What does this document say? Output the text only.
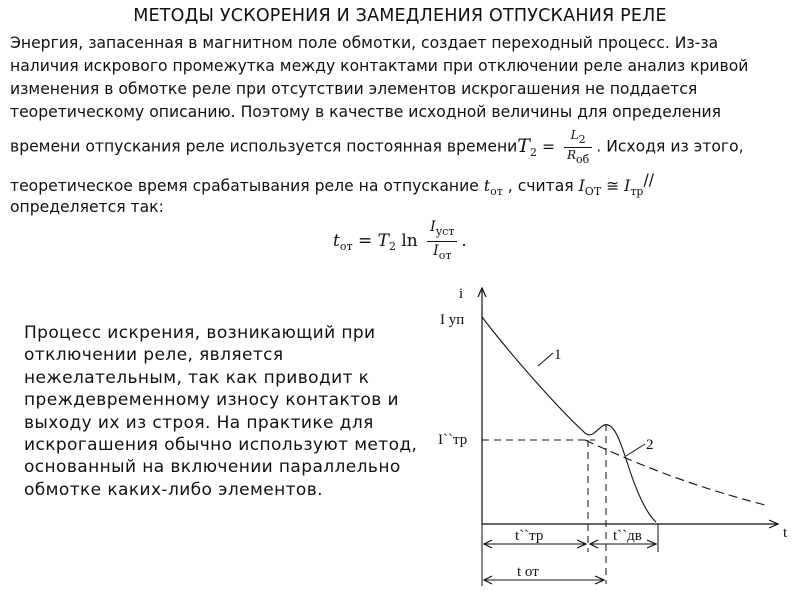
МЕТОДЫ УСКОРЕНИЯ И ЗАМЕДЛЕНИЯ ОТПУСКАНИЯ РЕЛЕ
Энергия, запасенная в магнитном поле обмотки, создает переходный процесс. Из-за
наличия искрового промежутка между контактами при отключении реле анализ кривой
изменения в обмотке реле при отсутствии элементов искрогашения не поддается
теоретическому описанию. Поэтому в качестве исходной величины для определения
времени отпускания реле используется постоянная времениT$_2$ = $\frac{L2}{\text{Rоб}}$ . Исходя из этого,
теоретическое время срабатывания реле на отпускание $t_{от}$ , считая $I_{ОТ}$ ≅ $I_{тр}//$
определяется так:
$t_{от} = T_2$ $\ln \frac{I_{уст}}{I_{от}}$ .
Процесс искрения, возникающий при отключении реле, является нежелательным, так как приводит к преждевременному износу контактов и выходу их из строя. На практике для искрогашения обычно используют метод, основанный на включении параллельно обмотке каких-либо элементов.
i
t
I уп
I``тр
1
2
t``тр	t``дв
t от
